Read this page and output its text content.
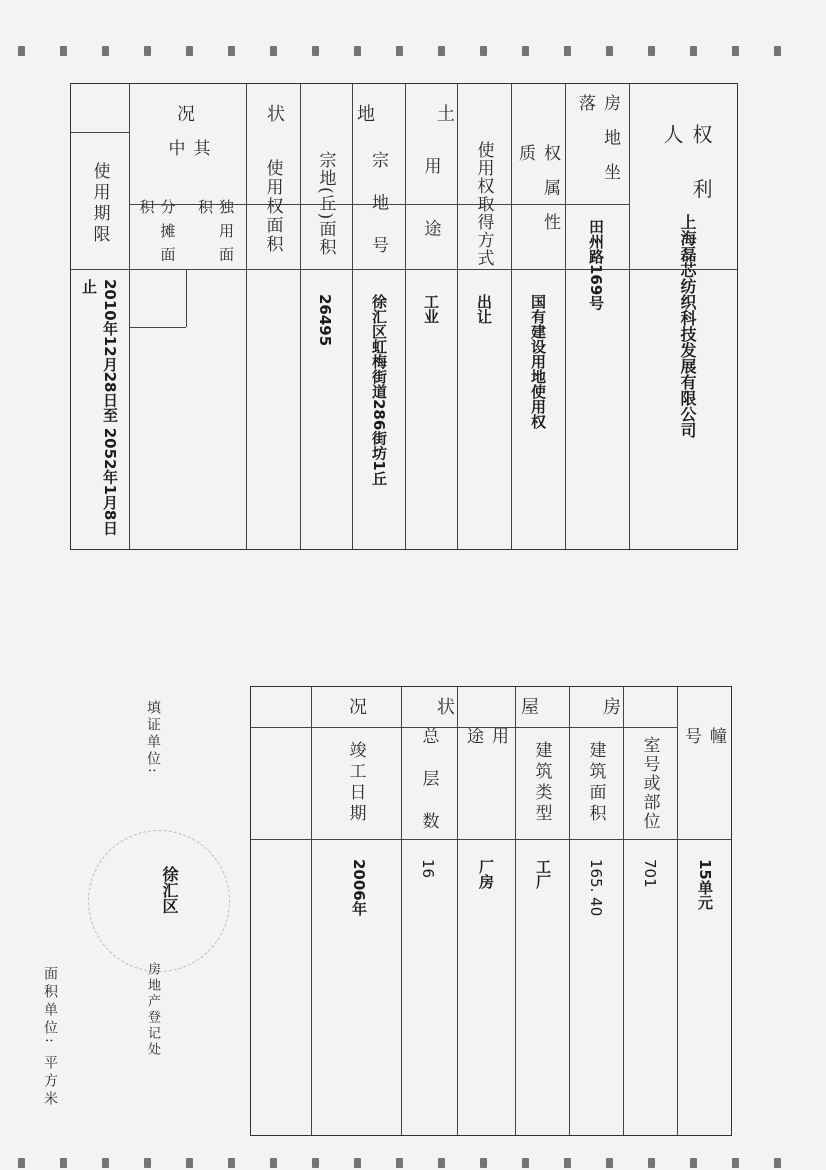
权 利 人
上海磊芯纺织科技发展有限公司
房 地 坐 落
田州路169号
土
地
状
况
权 属 性 质
国有建设用地使用权
使用权取得方式
出让
用 途
工业
宗 地 号
徐汇区虹梅街道286街坊1丘
宗地(丘)面积
26495
使用权面积
其 中
独 用 面 积
分 摊 面 积
使用期限
2010年12月28日至 2052年1月8日止
房
屋
状
况
幢 号
15单元
室号或部位
701
建筑面积
165. 40
建筑类型
工厂
用 途
厂房
总 层 数
16
竣工日期
2006年
填证单位:
徐汇区
房地产登记处
面积单位: 平方米
